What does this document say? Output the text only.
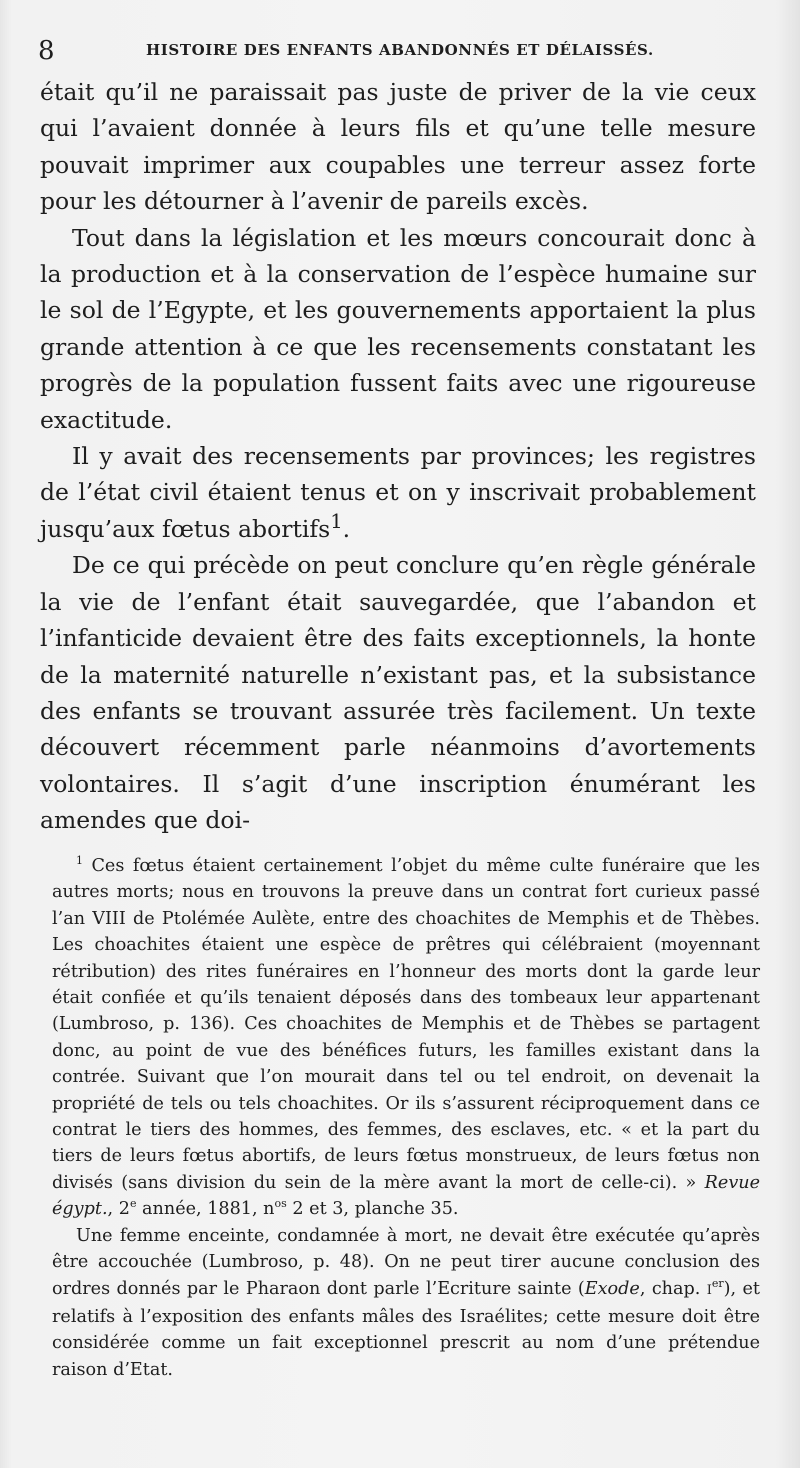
8	HISTOIRE DES ENFANTS ABANDONNÉS ET DÉLAISSÉS.

était qu’il ne paraissait pas juste de priver de la vie ceux qui l’avaient donnée à leurs fils et qu’une telle mesure pouvait imprimer aux coupables une terreur assez forte pour les détourner à l’avenir de pareils excès.

Tout dans la législation et les mœurs concourait donc à la production et à la conservation de l’espèce humaine sur le sol de l’Egypte, et les gouvernements apportaient la plus grande attention à ce que les recensements constatant les progrès de la population fussent faits avec une rigoureuse exactitude.

Il y avait des recensements par provinces; les registres de l’état civil étaient tenus et on y inscrivait probablement jusqu’aux fœtus abortifs$^1$.

De ce qui précède on peut conclure qu’en règle générale la vie de l’enfant était sauvegardée, que l’abandon et l’infanticide devaient être des faits exceptionnels, la honte de la maternité naturelle n’existant pas, et la subsistance des enfants se trouvant assurée très facilement. Un texte découvert récemment parle néanmoins d’avortements volontaires. Il s’agit d’une inscription énumérant les amendes que doi-

$^1$ Ces fœtus étaient certainement l’objet du même culte funéraire que les autres morts; nous en trouvons la preuve dans un contrat fort curieux passé l’an VIII de Ptolémée Aulète, entre des choachites de Memphis et de Thèbes. Les choachites étaient une espèce de prêtres qui célébraient (moyennant rétribution) des rites funéraires en l’honneur des morts dont la garde leur était confiée et qu’ils tenaient déposés dans des tombeaux leur appartenant (Lumbroso, p. 136). Ces choachites de Memphis et de Thèbes se partagent donc, au point de vue des bénéfices futurs, les familles existant dans la contrée. Suivant que l’on mourait dans tel ou tel endroit, on devenait la propriété de tels ou tels choachites. Or ils s’assurent réciproquement dans ce contrat le tiers des hommes, des femmes, des esclaves, etc. « et la part du tiers de leurs fœtus abortifs, de leurs fœtus monstrueux, de leurs fœtus non divisés (sans division du sein de la mère avant la mort de celle-ci). » Revue égypt., 2e année, 1881, $n^{os}$ 2 et 3, planche 35.

Une femme enceinte, condamnée à mort, ne devait être exécutée qu’après être accouchée (Lumbroso, p. 48). On ne peut tirer aucune conclusion des ordres donnés par le Pharaon dont parle l’Ecriture sainte (Exode, chap. Ier), et relatifs à l’exposition des enfants mâles des Israélites; cette mesure doit être considérée comme un fait exceptionnel prescrit au nom d’une prétendue raison d’Etat.
